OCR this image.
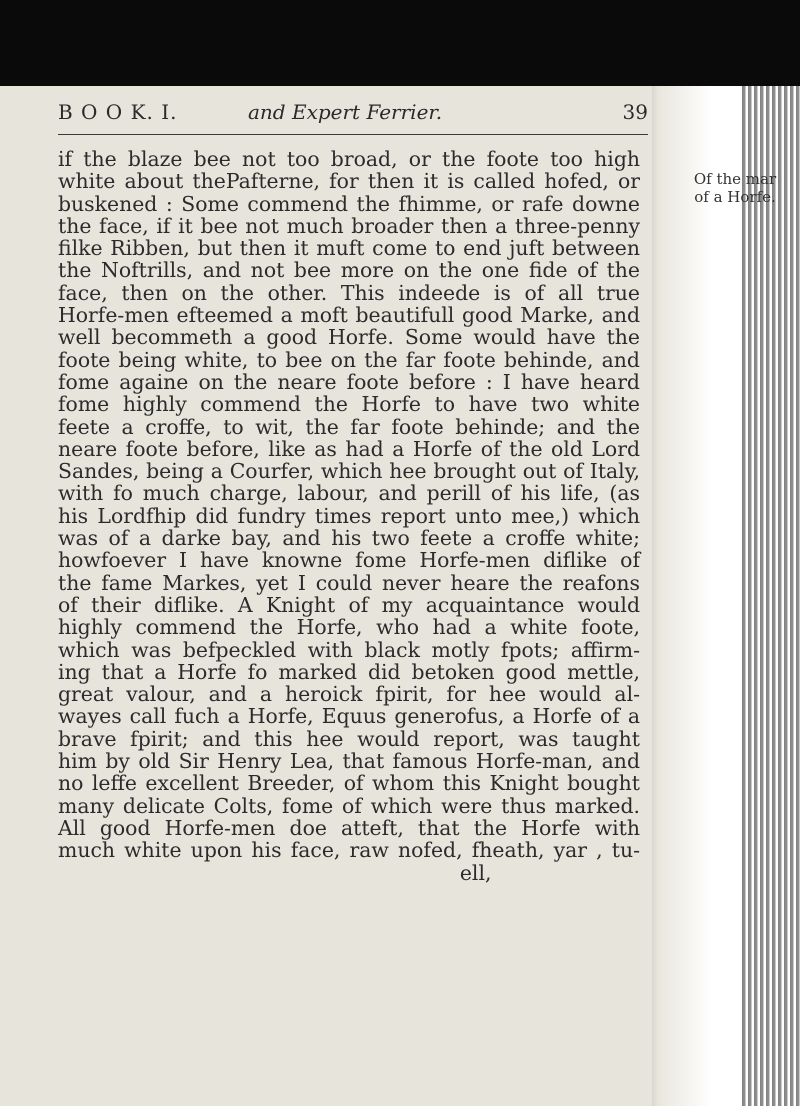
B O O K. I.	and Expert Ferrier.	39
Of the mar
of a Horfe.
if the blaze bee not too broad, or the foote too high
white about thePafterne, for then it is called hofed, or
buskened : Some commend the fhimme, or rafe downe
the face, if it bee not much broader then a three-penny
filke Ribben, but then it muft come to end juft between
the Noftrills, and not bee more on the one fide of the
face, then on the other. This indeede is of all true
Horfe-men efteemed a moft beautifull good Marke, and
well becommeth a good Horfe. Some would have the
foote being white, to bee on the far foote behinde, and
fome againe on the neare foote before : I have heard
fome highly commend the Horfe to have two white
feete a croffe, to wit, the far foote behinde; and the
neare foote before, like as had a Horfe of the old Lord
Sandes, being a Courfer, which hee brought out of Italy,
with fo much charge, labour, and perill of his life, (as
his Lordfhip did fundry times report unto mee,) which
was of a darke bay, and his two feete a croffe white;
howfoever I have knowne fome Horfe-men diflike of
the fame Markes, yet I could never heare the reafons
of their diflike. A Knight of my acquaintance would
highly commend the Horfe, who had a white foote,
which was befpeckled with black motly fpots; affirm-
ing that a Horfe fo marked did betoken good mettle,
great valour, and a heroick fpirit, for hee would al-
wayes call fuch a Horfe, Equus generofus, a Horfe of a
brave fpirit; and this hee would report, was taught
him by old Sir Henry Lea, that famous Horfe-man, and
no leffe excellent Breeder, of whom this Knight bought
many delicate Colts, fome of which were thus marked.
All good Horfe-men doe atteft, that the Horfe with
much white upon his face, raw nofed, fheath, yar , tu-
ell,
